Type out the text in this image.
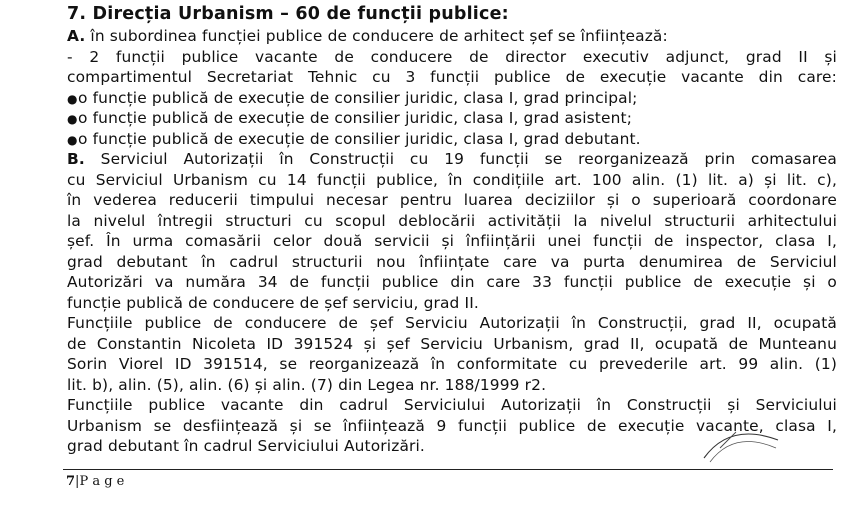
7. Direcția Urbanism – 60 de funcții publice:
A. în subordinea funcției publice de conducere de arhitect șef se înființează:
- 2 funcții publice vacante de conducere de director executiv adjunct, grad II și
compartimentul Secretariat Tehnic cu 3 funcții publice de execuție vacante din care:
●o funcție publică de execuție de consilier juridic, clasa I, grad principal;
●o funcție publică de execuție de consilier juridic, clasa I, grad asistent;
●o funcție publică de execuție de consilier juridic, clasa I, grad debutant.
B. Serviciul Autorizații în Construcții cu 19 funcții se reorganizează prin comasarea
cu Serviciul Urbanism cu 14 funcții publice, în condițiile art. 100 alin. (1) lit. a) și lit. c),
în vederea reducerii timpului necesar pentru luarea deciziilor și o superioară coordonare
la nivelul întregii structuri cu scopul deblocării activității la nivelul structurii arhitectului
șef. În urma comasării celor două servicii și înființării unei funcții de inspector, clasa I,
grad debutant în cadrul structurii nou înființate care va purta denumirea de Serviciul
Autorizări va număra 34 de funcții publice din care 33 funcții publice de execuție și o
funcție publică de conducere de șef serviciu, grad II.
Funcțiile publice de conducere de șef Serviciu Autorizații în Construcții, grad II, ocupată
de Constantin Nicoleta ID 391524 și șef Serviciu Urbanism, grad II, ocupată de Munteanu
Sorin Viorel ID 391514, se reorganizează în conformitate cu prevederile art. 99 alin. (1)
lit. b), alin. (5), alin. (6) și alin. (7) din Legea nr. 188/1999 r2.
Funcțiile publice vacante din cadrul Serviciului Autorizații în Construcții și Serviciului
Urbanism se desființează și se înființează 9 funcții publice de execuție vacante, clasa I,
grad debutant în cadrul Serviciului Autorizări.
7|P a g e
